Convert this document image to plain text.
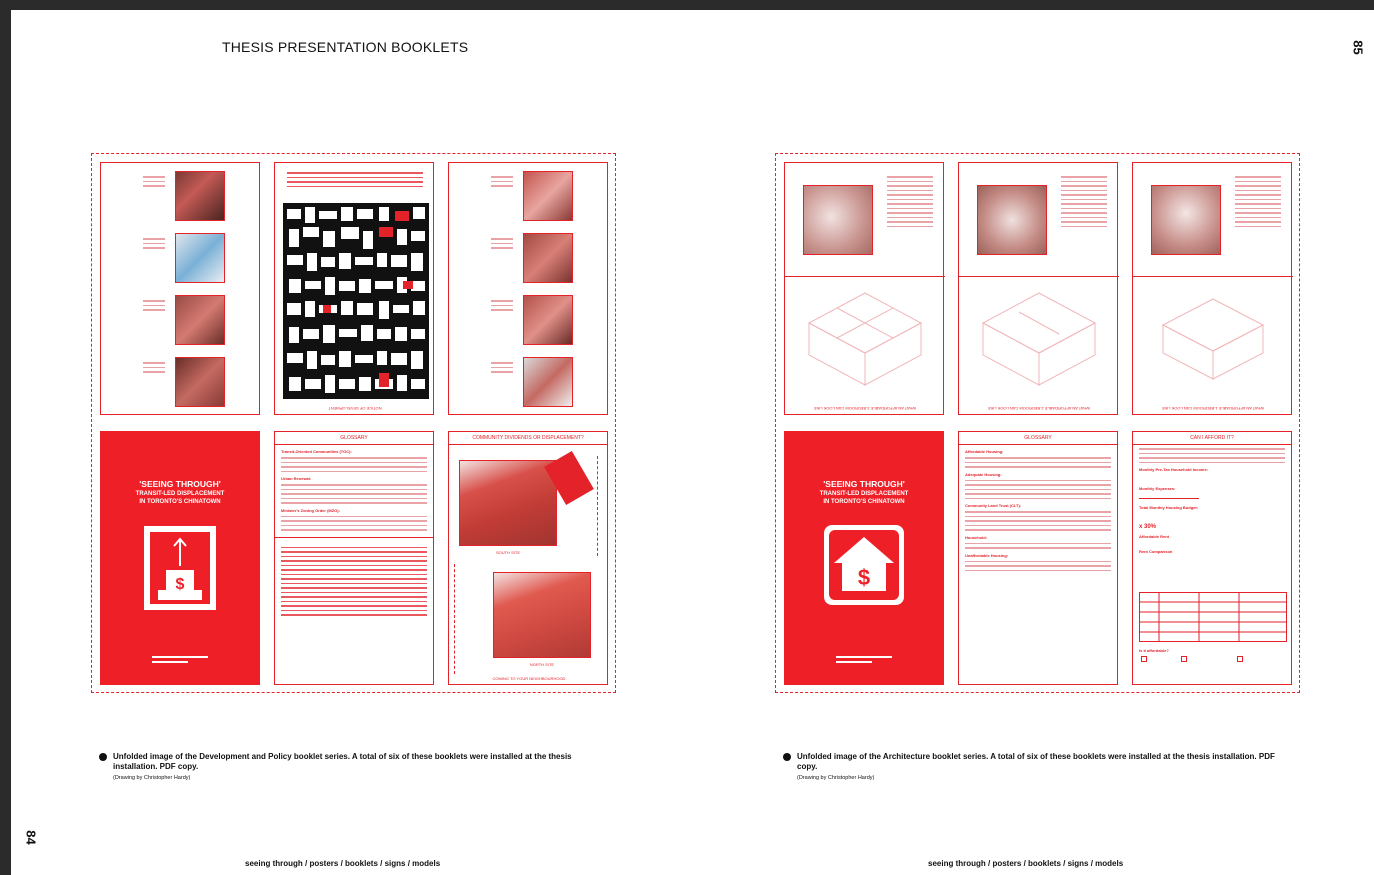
THESIS PRESENTATION BOOKLETS	85
84
NOTICE OF DEVELOPMENT
'SEEING THROUGH'
TRANSIT-LED DISPLACEMENT
IN TORONTO'S CHINATOWN
$
GLOSSARY
Transit-Oriented Communities (TOC):
Urban Renewal:
Minister's Zoning Order (MZO):
COMMUNITY DIVIDENDS OR DISPLACEMENT?
SOUTH SITE
NORTH SITE
COMING TO YOUR NEIGHBOURHOOD
WHAT AN AFFORDABLE 3-BEDROOM CAN LOOK LIKE	WHAT AN AFFORDABLE 2-BEDROOM CAN LOOK LIKE	WHAT AN AFFORDABLE 1-BEDROOM CAN LOOK LIKE
'SEEING THROUGH'
TRANSIT-LED DISPLACEMENT
IN TORONTO'S CHINATOWN
$
GLOSSARY
Affordable Housing:
Adequate Housing:
Community Land Trust (CLT):
Household:
Unaffordable Housing:
CAN I AFFORD IT?
Monthly Pre-Tax Household Income:
Monthly Expenses:
Total Monthly Housing Budget:
x 30%
Affordable Rent
Rent Comparison
Is it affordable?
Unfolded image of the Development and Policy booklet series. A total of six of these booklets were installed at the thesis installation. PDF copy.
(Drawing by Christopher Hardy)
Unfolded image of the Architecture booklet series. A total of six of these booklets were installed at the thesis installation. PDF copy.
(Drawing by Christopher Hardy)
seeing through / posters / booklets / signs / models	seeing through / posters / booklets / signs / models
